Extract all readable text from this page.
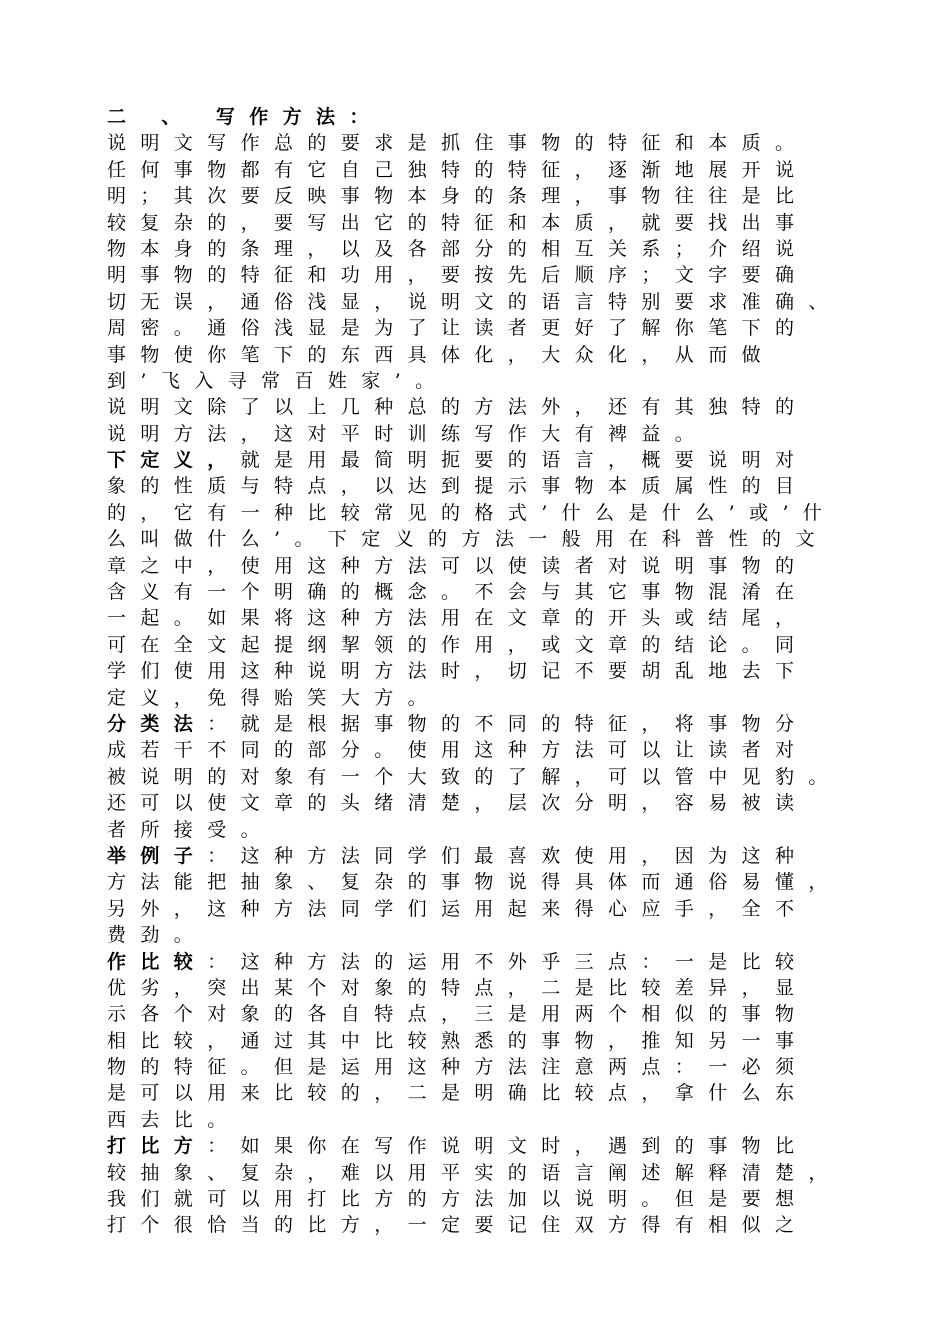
二 、 写作方法：
说明文写作总的要求是抓住事物的特征和本质。
任何事物都有它自己独特的特征，逐渐地展开说
明；其次要反映事物本身的条理，事物往往是比
较复杂的，要写出它的特征和本质，就要找出事
物本身的条理，以及各部分的相互关系；介绍说
明事物的特征和功用，要按先后顺序；文字要确
切无误，通俗浅显，说明文的语言特别要求准确、
周密。通俗浅显是为了让读者更好了解你笔下的
事物使你笔下的东西具体化，大众化，从而做
到’飞入寻常百姓家’。
说明文除了以上几种总的方法外，还有其独特的
说明方法，这对平时训练写作大有裨益。
下定义，就是用最简明扼要的语言，概要说明对
象的性质与特点，以达到提示事物本质属性的目
的，它有一种比较常见的格式’什么是什么’或’什
么叫做什么’。下定义的方法一般用在科普性的文
章之中，使用这种方法可以使读者对说明事物的
含义有一个明确的概念。不会与其它事物混淆在
一起。如果将这种方法用在文章的开头或结尾，
可在全文起提纲挈领的作用，或文章的结论。同
学们使用这种说明方法时，切记不要胡乱地去下
定义，免得贻笑大方。
分类法：就是根据事物的不同的特征，将事物分
成若干不同的部分。使用这种方法可以让读者对
被说明的对象有一个大致的了解，可以管中见豹。
还可以使文章的头绪清楚，层次分明，容易被读
者所接受。
举例子：这种方法同学们最喜欢使用，因为这种
方法能把抽象、复杂的事物说得具体而通俗易懂，
另外，这种方法同学们运用起来得心应手，全不
费劲。
作比较：这种方法的运用不外乎三点：一是比较
优劣，突出某个对象的特点，二是比较差异，显
示各个对象的各自特点，三是用两个相似的事物
相比较，通过其中比较熟悉的事物，推知另一事
物的特征。但是运用这种方法注意两点：一必须
是可以用来比较的，二是明确比较点，拿什么东
西去比。
打比方：如果你在写作说明文时，遇到的事物比
较抽象、复杂，难以用平实的语言阐述解释清楚，
我们就可以用打比方的方法加以说明。但是要想
打个很恰当的比方，一定要记住双方得有相似之
